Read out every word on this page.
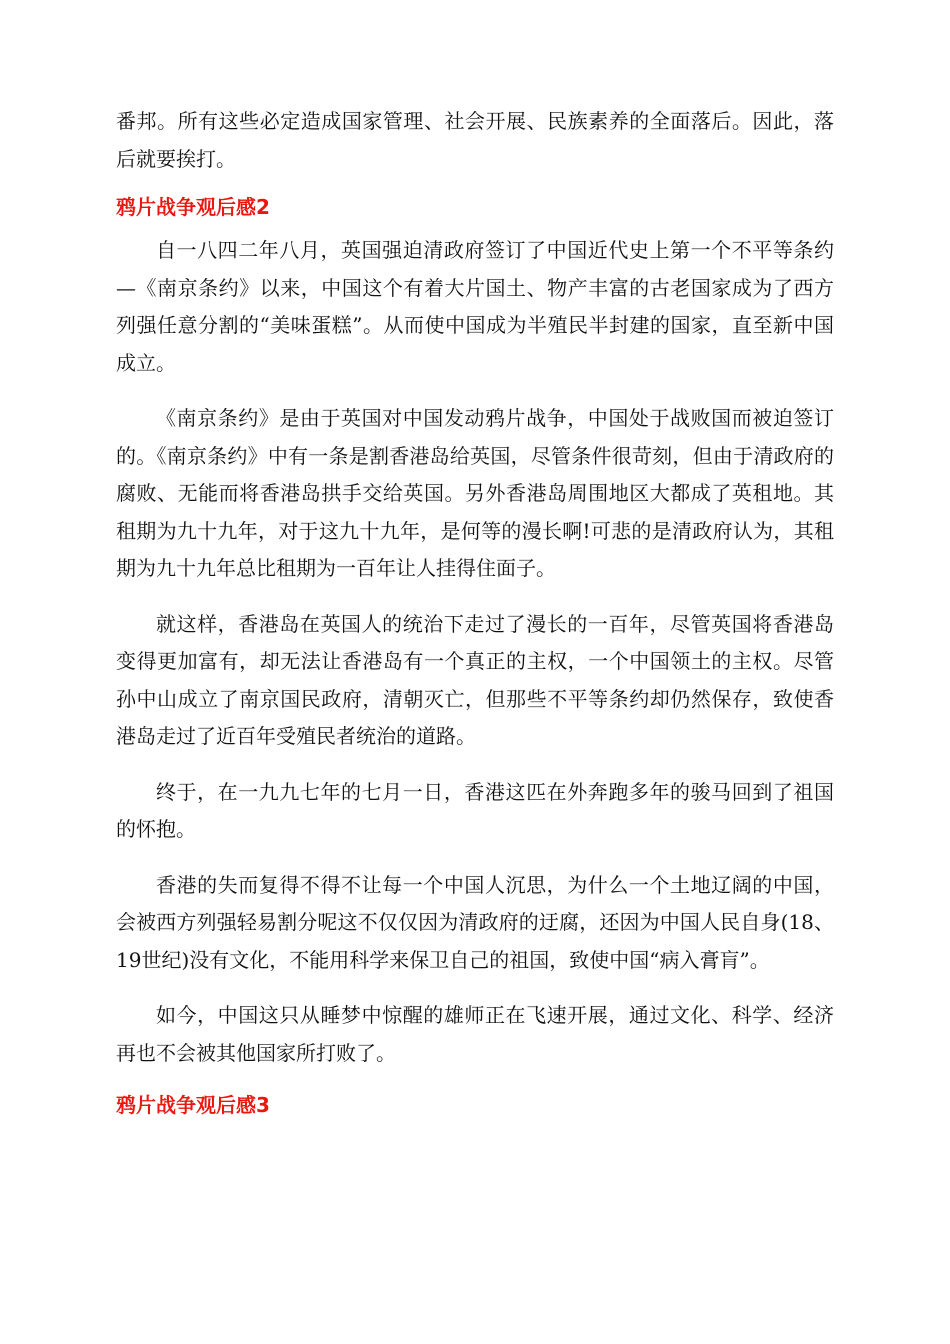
番邦。所有这些必定造成国家管理、社会开展、民族素养的全面落后。因此，落后就要挨打。

鸦片战争观后感2

自一八四二年八月，英国强迫清政府签订了中国近代史上第一个不平等条约—《南京条约》以来，中国这个有着大片国土、物产丰富的古老国家成为了西方列强任意分割的“美味蛋糕”。从而使中国成为半殖民半封建的国家，直至新中国成立。

《南京条约》是由于英国对中国发动鸦片战争，中国处于战败国而被迫签订的。《南京条约》中有一条是割香港岛给英国，尽管条件很苛刻，但由于清政府的腐败、无能而将香港岛拱手交给英国。另外香港岛周围地区大都成了英租地。其租期为九十九年，对于这九十九年，是何等的漫长啊!可悲的是清政府认为，其租期为九十九年总比租期为一百年让人挂得住面子。

就这样，香港岛在英国人的统治下走过了漫长的一百年，尽管英国将香港岛变得更加富有，却无法让香港岛有一个真正的主权，一个中国领土的主权。尽管孙中山成立了南京国民政府，清朝灭亡，但那些不平等条约却仍然保存，致使香港岛走过了近百年受殖民者统治的道路。

终于，在一九九七年的七月一日，香港这匹在外奔跑多年的骏马回到了祖国的怀抱。

香港的失而复得不得不让每一个中国人沉思，为什么一个土地辽阔的中国，会被西方列强轻易割分呢这不仅仅因为清政府的迂腐，还因为中国人民自身(18、19世纪)没有文化，不能用科学来保卫自己的祖国，致使中国“病入膏肓”。

如今，中国这只从睡梦中惊醒的雄师正在飞速开展，通过文化、科学、经济再也不会被其他国家所打败了。

鸦片战争观后感3
